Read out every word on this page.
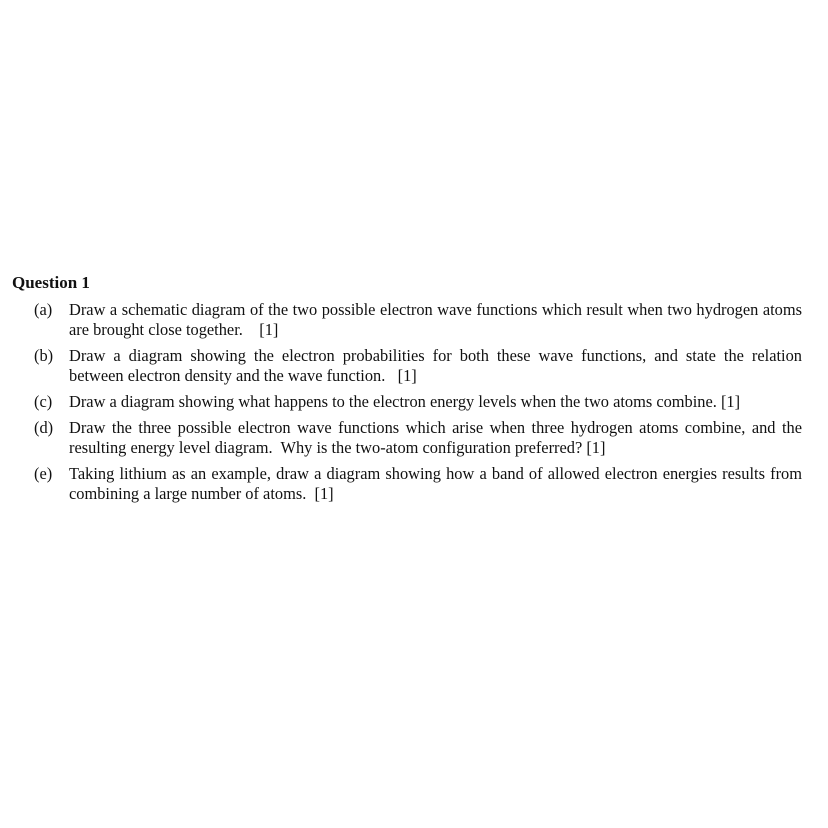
Question 1
(a) Draw a schematic diagram of the two possible electron wave functions which result when two hydrogen atoms are brought close together.    [1]
(b) Draw a diagram showing the electron probabilities for both these wave functions, and state the relation between electron density and the wave function.   [1]
(c) Draw a diagram showing what happens to the electron energy levels when the two atoms combine. [1]
(d) Draw the three possible electron wave functions which arise when three hydrogen atoms combine, and the resulting energy level diagram.  Why is the two-atom configuration preferred? [1]
(e) Taking lithium as an example, draw a diagram showing how a band of allowed electron energies results from combining a large number of atoms.  [1]
